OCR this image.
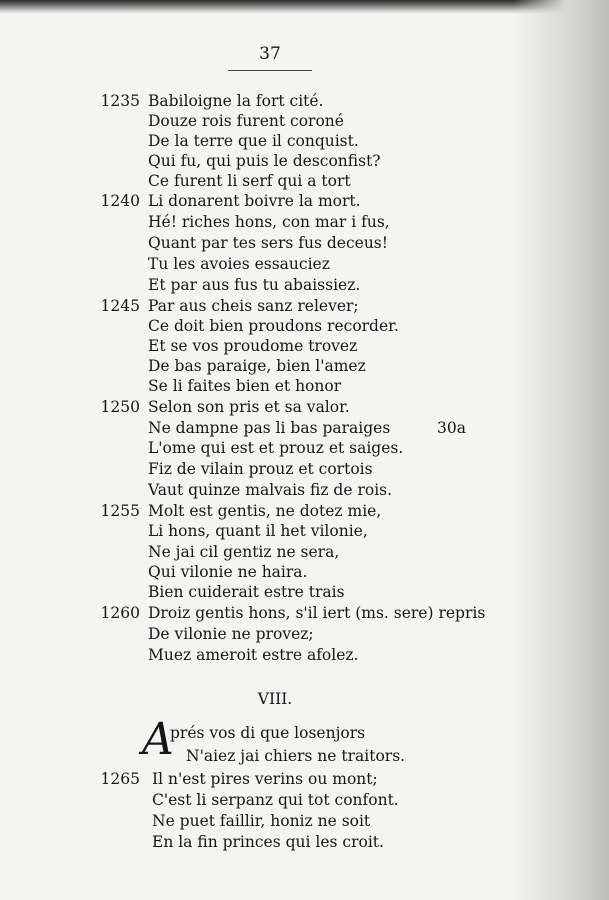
37
1235
1240
1245
1250
1255
1260
1265
Babiloigne la fort cité.
Douze rois furent coroné
De la terre que il conquist.
Qui fu, qui puis le desconfist?
Ce furent li serf qui a tort
Li donarent boivre la mort.
Hé! riches hons, con mar i fus,
Quant par tes sers fus deceus!
Tu les avoies essauciez
Et par aus fus tu abaissiez.
Par aus cheis sanz relever;
Ce doit bien proudons recorder.
Et se vos proudome trovez
De bas paraige, bien l'amez
Se li faites bien et honor
Selon son pris et sa valor.
Ne dampne pas li bas paraiges	30a
L'ome qui est et prouz et saiges.
Fiz de vilain prouz et cortois
Vaut quinze malvais fiz de rois.
Molt est gentis, ne dotez mie,
Li hons, quant il het vilonie,
Ne jai cil gentiz ne sera,
Qui vilonie ne haira.
Bien cuiderait estre trais
Droiz gentis hons, s'il iert (ms. sere) repris
De vilonie ne provez;
Muez ameroit estre afolez.
VIII.
A
prés vos di que losenjors
N'aiez jai chiers ne traitors.
Il n'est pires verins ou mont;
C'est li serpanz qui tot confont.
Ne puet faillir, honiz ne soit
En la fin princes qui les croit.
